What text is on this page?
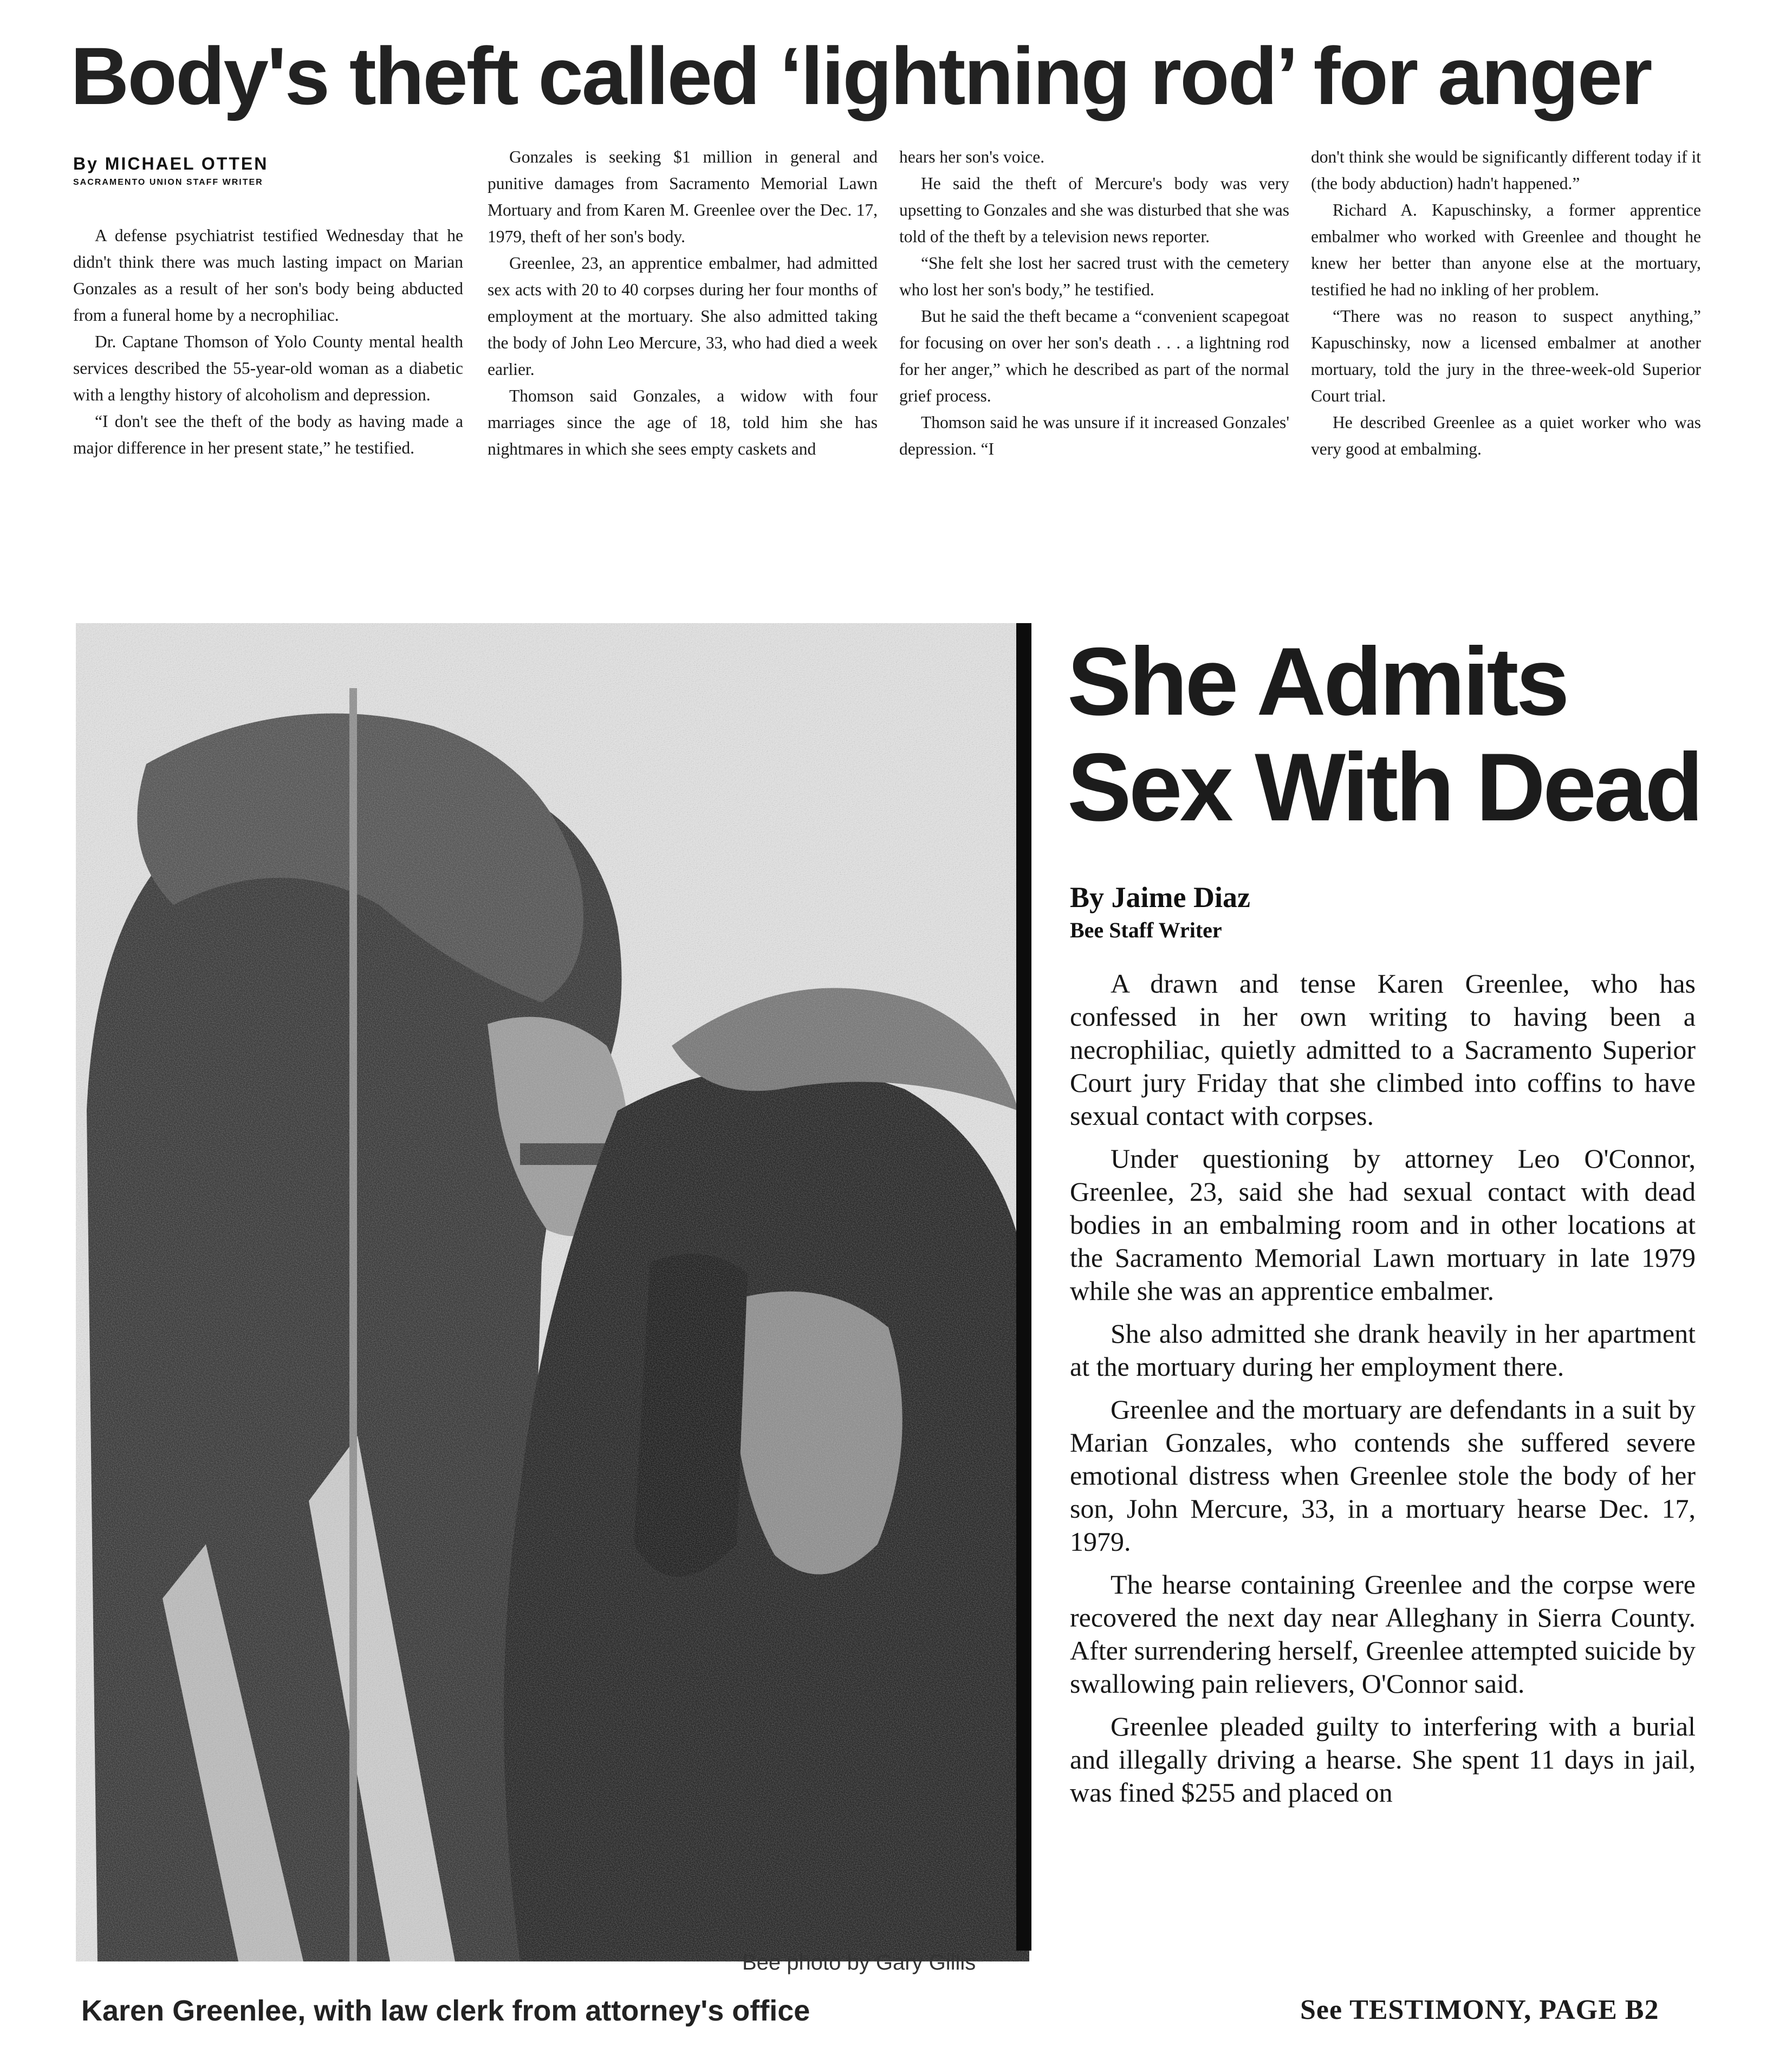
Body's theft called ‘lightning rod’ for anger
By MICHAEL OTTEN
SACRAMENTO UNION STAFF WRITER

A defense psychiatrist testified Wednesday that he didn't think there was much lasting impact on Marian Gonzales as a result of her son's body being abducted from a funeral home by a necrophiliac.

Dr. Captane Thomson of Yolo County mental health services described the 55-year-old woman as a diabetic with a lengthy history of alcoholism and depression.

“I don't see the theft of the body as having made a major difference in her present state,” he testified.

Gonzales is seeking $1 million in general and punitive damages from Sacramento Memorial Lawn Mortuary and from Karen M. Greenlee over the Dec. 17, 1979, theft of her son's body.

Greenlee, 23, an apprentice embalmer, had admitted sex acts with 20 to 40 corpses during her four months of employment at the mortuary. She also admitted taking the body of John Leo Mercure, 33, who had died a week earlier.

Thomson said Gonzales, a widow with four marriages since the age of 18, told him she has nightmares in which she sees empty caskets and

hears her son's voice.

He said the theft of Mercure's body was very upsetting to Gonzales and she was disturbed that she was told of the theft by a television news reporter.

“She felt she lost her sacred trust with the cemetery who lost her son's body,” he testified.

But he said the theft became a “convenient scapegoat for focusing on over her son's death . . . a lightning rod for her anger,” which he described as part of the normal grief process.

Thomson said he was unsure if it increased Gonzales' depression. “I

don't think she would be significantly different today if it (the body abduction) hadn't happened.”

Richard A. Kapuschinsky, a former apprentice embalmer who worked with Greenlee and thought he knew her better than anyone else at the mortuary, testified he had no inkling of her problem.

“There was no reason to suspect anything,” Kapuschinsky, now a licensed embalmer at another mortuary, told the jury in the three-week-old Superior Court trial.

He described Greenlee as a quiet worker who was very good at embalming.

Bee photo by Gary Gillis
Karen Greenlee, with law clerk from attorney's office
She Admits Sex With Dead
By Jaime Diaz
Bee Staff Writer

A drawn and tense Karen Greenlee, who has confessed in her own writing to having been a necrophiliac, quietly admitted to a Sacramento Superior Court jury Friday that she climbed into coffins to have sexual contact with corpses.

Under questioning by attorney Leo O'Connor, Greenlee, 23, said she had sexual contact with dead bodies in an embalming room and in other locations at the Sacramento Memorial Lawn mortuary in late 1979 while she was an apprentice embalmer.

She also admitted she drank heavily in her apartment at the mortuary during her employment there.

Greenlee and the mortuary are defendants in a suit by Marian Gonzales, who contends she suffered severe emotional distress when Greenlee stole the body of her son, John Mercure, 33, in a mortuary hearse Dec. 17, 1979.

The hearse containing Greenlee and the corpse were recovered the next day near Alleghany in Sierra County. After surrendering herself, Greenlee attempted suicide by swallowing pain relievers, O'Connor said.

Greenlee pleaded guilty to interfering with a burial and illegally driving a hearse. She spent 11 days in jail, was fined $255 and placed on

See TESTIMONY, PAGE B2
